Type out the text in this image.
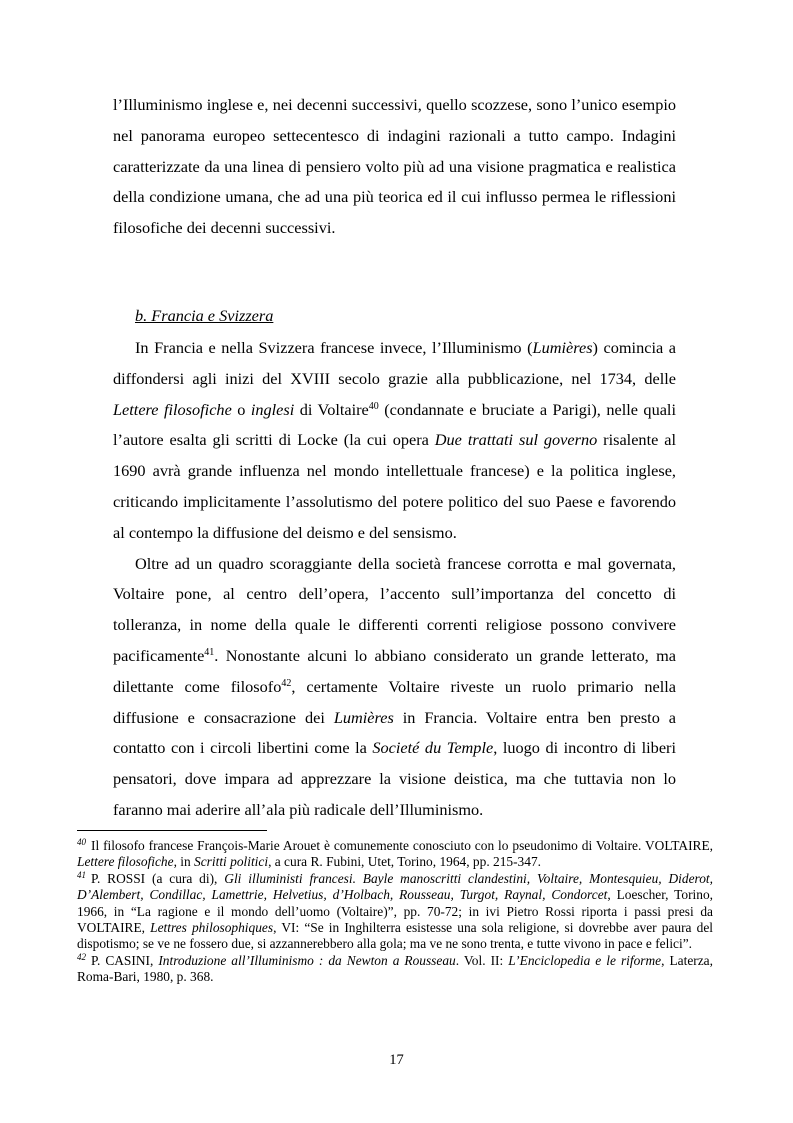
l’Illuminismo inglese e, nei decenni successivi, quello scozzese, sono l’unico esempio nel panorama europeo settecentesco di indagini razionali a tutto campo. Indagini caratterizzate da una linea di pensiero volto più ad una visione pragmatica e realistica della condizione umana, che ad una più teorica ed il cui influsso permea le riflessioni filosofiche dei decenni successivi.

b. Francia e Svizzera

In Francia e nella Svizzera francese invece, l’Illuminismo (Lumières) comincia a diffondersi agli inizi del XVIII secolo grazie alla pubblicazione, nel 1734, delle Lettere filosofiche o inglesi di Voltaire$^{40}$ (condannate e bruciate a Parigi), nelle quali l’autore esalta gli scritti di Locke (la cui opera Due trattati sul governo risalente al 1690 avrà grande influenza nel mondo intellettuale francese) e la politica inglese, criticando implicitamente l’assolutismo del potere politico del suo Paese e favorendo al contempo la diffusione del deismo e del sensismo.

Oltre ad un quadro scoraggiante della società francese corrotta e mal governata, Voltaire pone, al centro dell’opera, l’accento sull’importanza del concetto di tolleranza, in nome della quale le differenti correnti religiose possono convivere pacificamente$^{41}$. Nonostante alcuni lo abbiano considerato un grande letterato, ma dilettante come filosofo$^{42}$, certamente Voltaire riveste un ruolo primario nella diffusione e consacrazione dei Lumières in Francia. Voltaire entra ben presto a contatto con i circoli libertini come la Societé du Temple, luogo di incontro di liberi pensatori, dove impara ad apprezzare la visione deistica, ma che tuttavia non lo faranno mai aderire all’ala più radicale dell’Illuminismo.

$^{40}$ Il filosofo francese François-Marie Arouet è comunemente conosciuto con lo pseudonimo di Voltaire. VOLTAIRE, Lettere filosofiche, in Scritti politici, a cura R. Fubini, Utet, Torino, 1964, pp. 215-347.

$^{41}$ P. ROSSI (a cura di), Gli illuministi francesi. Bayle manoscritti clandestini, Voltaire, Montesquieu, Diderot, D’Alembert, Condillac, Lamettrie, Helvetius, d’Holbach, Rousseau, Turgot, Raynal, Condorcet, Loescher, Torino, 1966, in “La ragione e il mondo dell’uomo (Voltaire)”, pp. 70-72; in ivi Pietro Rossi riporta i passi presi da VOLTAIRE, Lettres philosophiques, VI: “Se in Inghilterra esistesse una sola religione, si dovrebbe aver paura del dispotismo; se ve ne fossero due, si azzannerebbero alla gola; ma ve ne sono trenta, e tutte vivono in pace e felici”.

$^{42}$ P. CASINI, Introduzione all’Illuminismo : da Newton a Rousseau. Vol. II: L’Enciclopedia e le riforme, Laterza, Roma-Bari, 1980, p. 368.

17
